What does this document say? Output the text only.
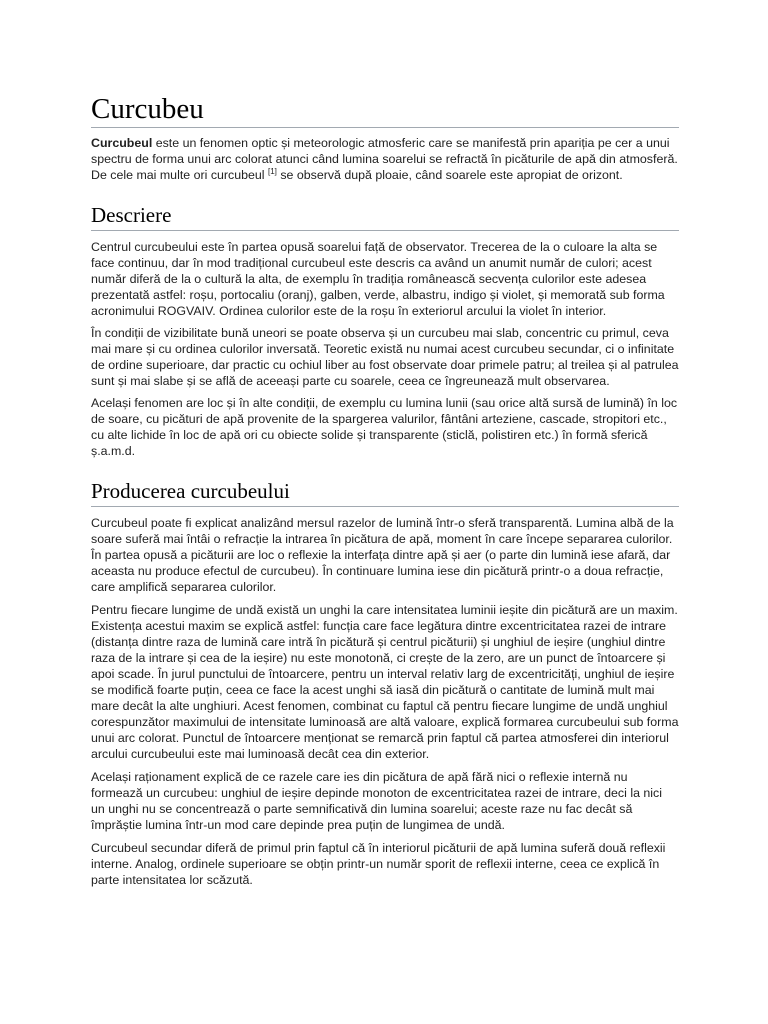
Curcubeu

Curcubeul este un fenomen optic și meteorologic atmosferic care se manifestă prin apariția pe cer a unui spectru de forma unui arc colorat atunci când lumina soarelui se refractă în picăturile de apă din atmosferă. De cele mai multe ori curcubeul [1] se observă după ploaie, când soarele este apropiat de orizont.

Descriere

Centrul curcubeului este în partea opusă soarelui față de observator. Trecerea de la o culoare la alta se face continuu, dar în mod tradițional curcubeul este descris ca având un anumit număr de culori; acest număr diferă de la o cultură la alta, de exemplu în tradiția românească secvența culorilor este adesea prezentată astfel: roșu, portocaliu (oranj), galben, verde, albastru, indigo și violet, și memorată sub forma acronimului ROGVAIV. Ordinea culorilor este de la roșu în exteriorul arcului la violet în interior.

În condiții de vizibilitate bună uneori se poate observa și un curcubeu mai slab, concentric cu primul, ceva mai mare și cu ordinea culorilor inversată. Teoretic există nu numai acest curcubeu secundar, ci o infinitate de ordine superioare, dar practic cu ochiul liber au fost observate doar primele patru; al treilea și al patrulea sunt și mai slabe și se află de aceeași parte cu soarele, ceea ce îngreunează mult observarea.

Același fenomen are loc și în alte condiții, de exemplu cu lumina lunii (sau orice altă sursă de lumină) în loc de soare, cu picături de apă provenite de la spargerea valurilor, fântâni arteziene, cascade, stropitori etc., cu alte lichide în loc de apă ori cu obiecte solide și transparente (sticlă, polistiren etc.) în formă sferică ș.a.m.d.

Producerea curcubeului

Curcubeul poate fi explicat analizând mersul razelor de lumină într-o sferă transparentă. Lumina albă de la soare suferă mai întâi o refracție la intrarea în picătura de apă, moment în care începe separarea culorilor. În partea opusă a picăturii are loc o reflexie la interfața dintre apă și aer (o parte din lumină iese afară, dar aceasta nu produce efectul de curcubeu). În continuare lumina iese din picătură printr-o a doua refracție, care amplifică separarea culorilor.

Pentru fiecare lungime de undă există un unghi la care intensitatea luminii ieșite din picătură are un maxim. Existența acestui maxim se explică astfel: funcția care face legătura dintre excentricitatea razei de intrare (distanța dintre raza de lumină care intră în picătură și centrul picăturii) și unghiul de ieșire (unghiul dintre raza de la intrare și cea de la ieșire) nu este monotonă, ci crește de la zero, are un punct de întoarcere și apoi scade. În jurul punctului de întoarcere, pentru un interval relativ larg de excentricități, unghiul de ieșire se modifică foarte puțin, ceea ce face la acest unghi să iasă din picătură o cantitate de lumină mult mai mare decât la alte unghiuri. Acest fenomen, combinat cu faptul că pentru fiecare lungime de undă unghiul corespunzător maximului de intensitate luminoasă are altă valoare, explică formarea curcubeului sub forma unui arc colorat. Punctul de întoarcere menționat se remarcă prin faptul că partea atmosferei din interiorul arcului curcubeului este mai luminoasă decât cea din exterior.

Același raționament explică de ce razele care ies din picătura de apă fără nici o reflexie internă nu formează un curcubeu: unghiul de ieșire depinde monoton de excentricitatea razei de intrare, deci la nici un unghi nu se concentrează o parte semnificativă din lumina soarelui; aceste raze nu fac decât să împrăștie lumina într-un mod care depinde prea puțin de lungimea de undă.

Curcubeul secundar diferă de primul prin faptul că în interiorul picăturii de apă lumina suferă două reflexii interne. Analog, ordinele superioare se obțin printr-un număr sporit de reflexii interne, ceea ce explică în parte intensitatea lor scăzută.
